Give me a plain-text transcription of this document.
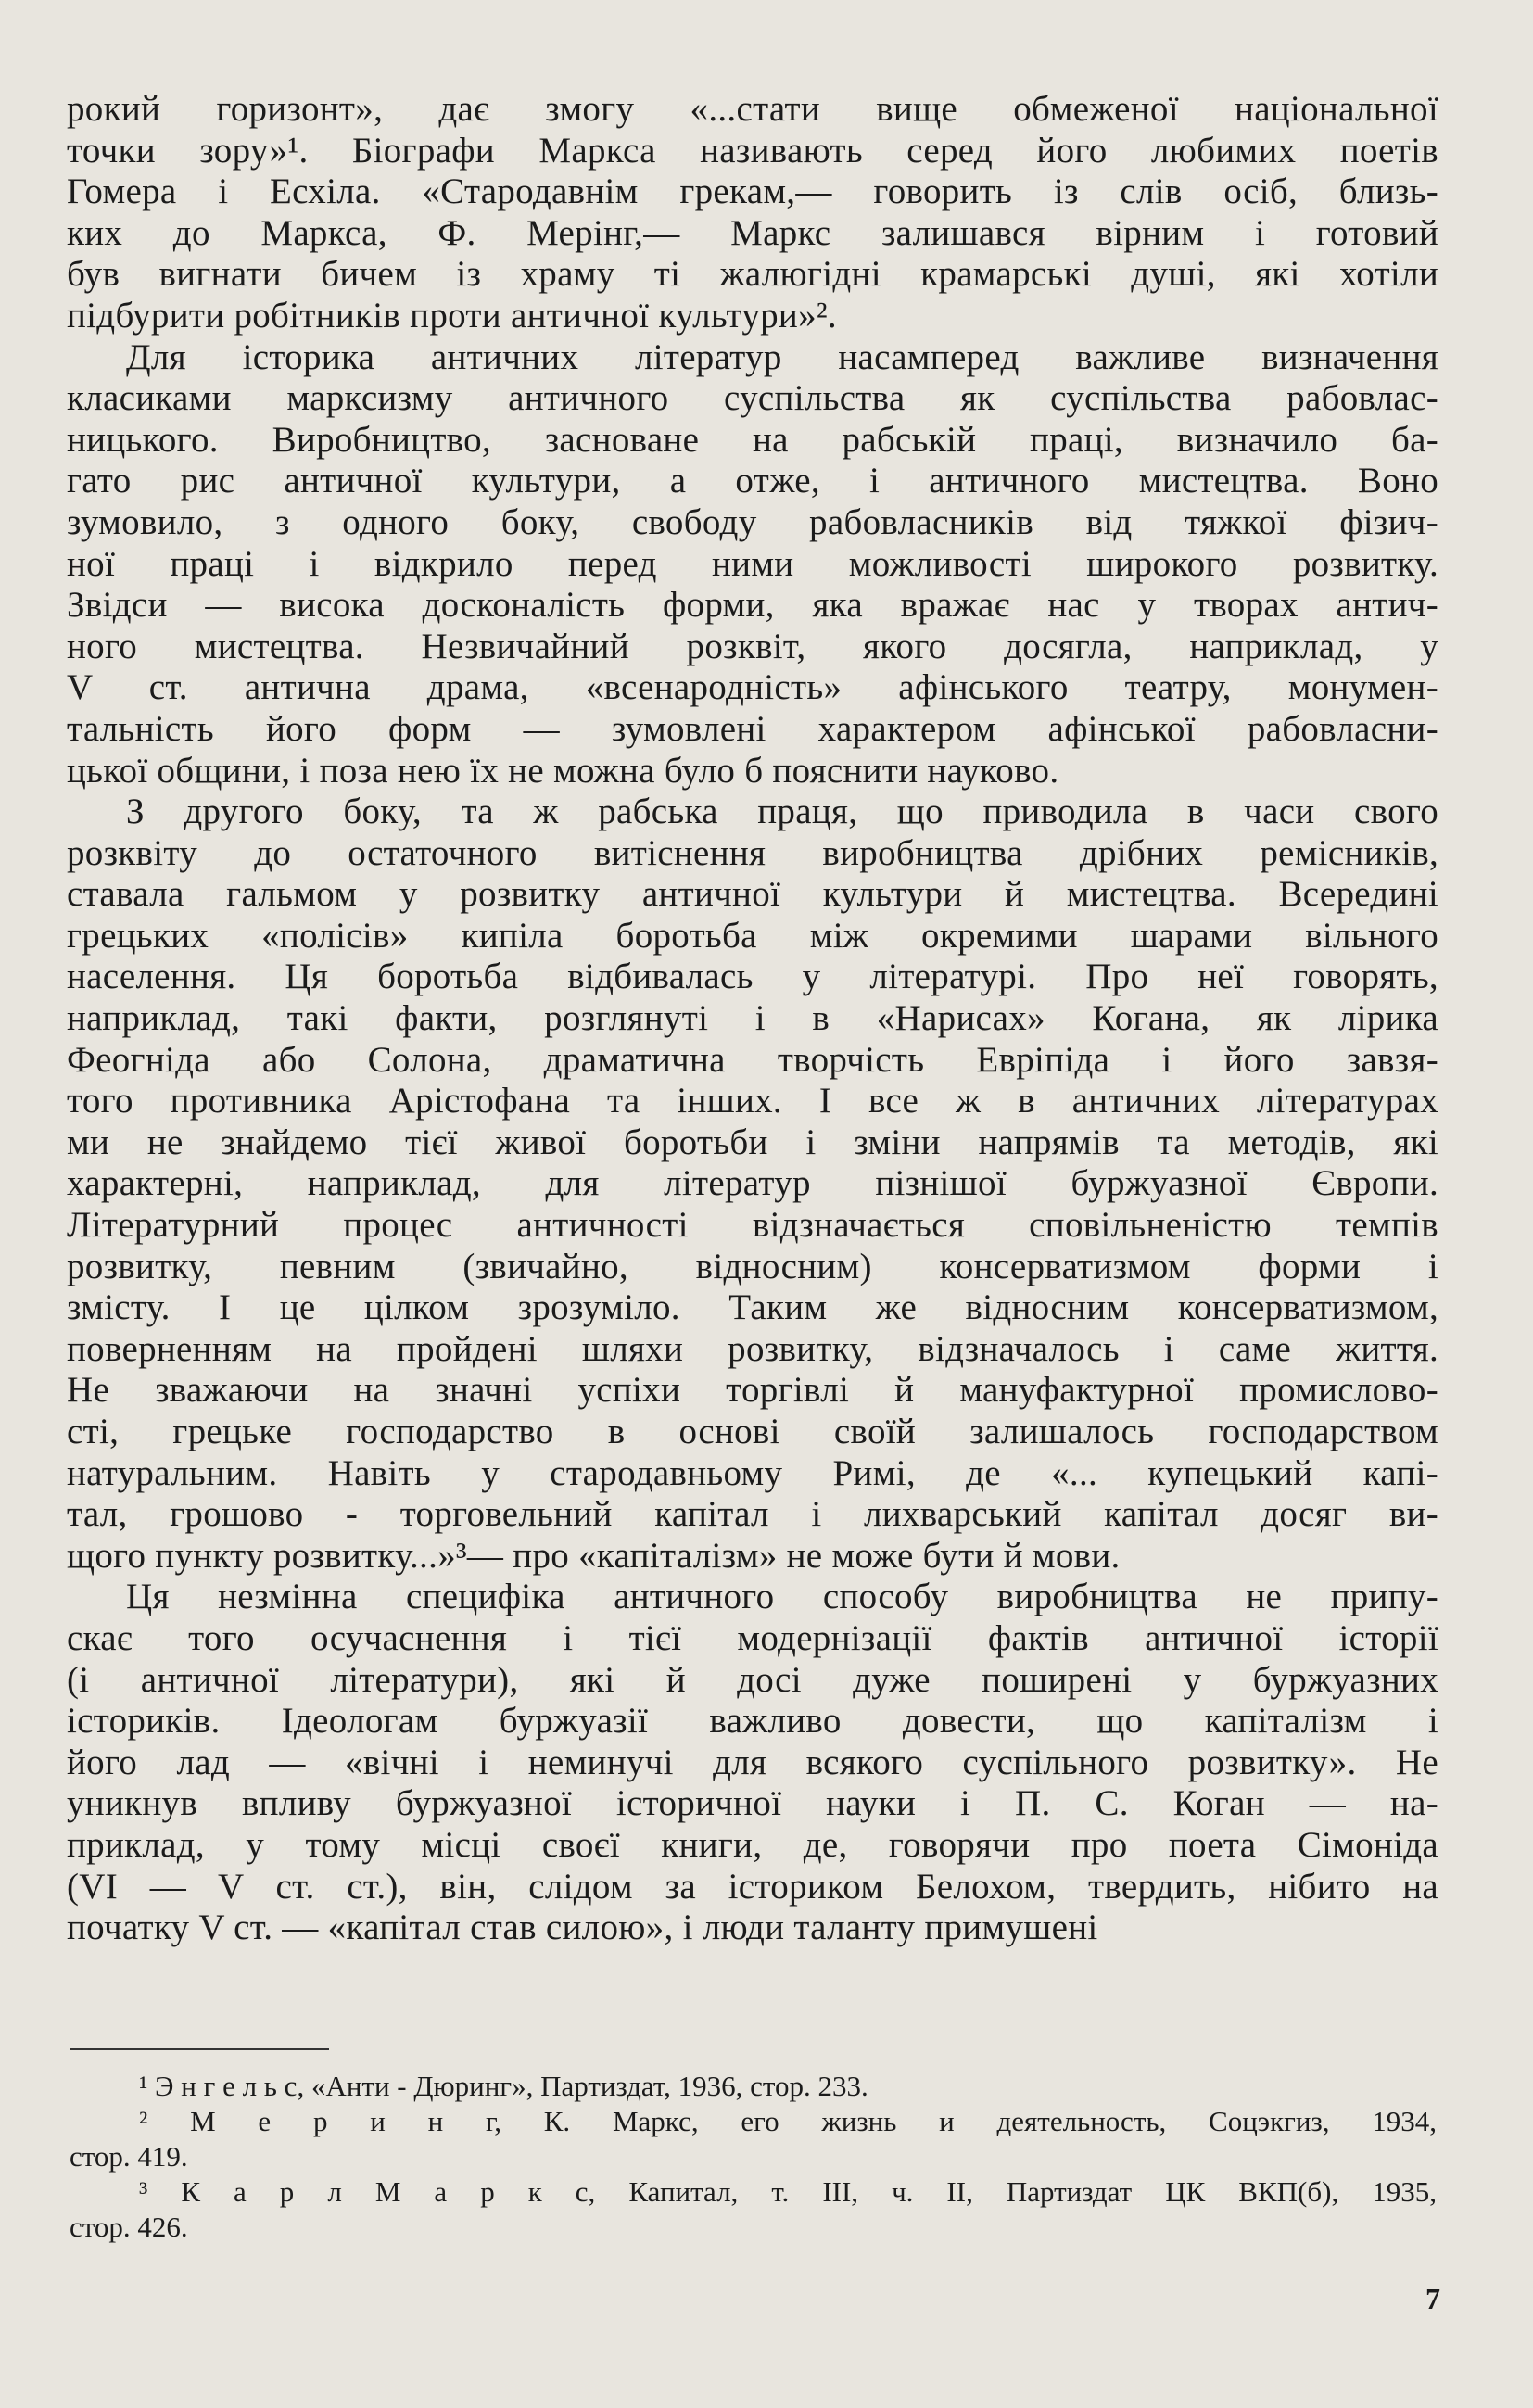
рокий горизонт», дає змогу «...стати вище обмеженої національної
точки зору»¹. Біографи Маркса називають серед його любимих поетів
Гомера і Есхіла. «Стародавнім грекам,— говорить із слів осіб, близь-
ких до Маркса, Ф. Мерінг,— Маркс залишався вірним і готовий
був вигнати бичем із храму ті жалюгідні крамарські душі, які хотіли
підбурити робітників проти античної культури»².
Для історика античних літератур насамперед важливе визначення
класиками марксизму античного суспільства як суспільства рабовлас-
ницького. Виробництво, засноване на рабській праці, визначило ба-
гато рис античної культури, а отже, і античного мистецтва. Воно
зумовило, з одного боку, свободу рабовласників від тяжкої фізич-
ної праці і відкрило перед ними можливості широкого розвитку.
Звідси — висока досконалість форми, яка вражає нас у творах антич-
ного мистецтва. Незвичайний розквіт, якого досягла, наприклад, у
V ст. антична драма, «всенародність» афінського театру, монумен-
тальність його форм — зумовлені характером афінської рабовласни-
цької общини, і поза нею їх не можна було б пояснити науково.
З другого боку, та ж рабська праця, що приводила в часи свого
розквіту до остаточного витіснення виробництва дрібних ремісників,
ставала гальмом у розвитку античної культури й мистецтва. Всередині
грецьких «полісів» кипіла боротьба між окремими шарами вільного
населення. Ця боротьба відбивалась у літературі. Про неї говорять,
наприклад, такі факти, розглянуті і в «Нарисах» Когана, як лірика
Феогніда або Солона, драматична творчість Евріпіда і його завзя-
того противника Арістофана та інших. І все ж в античних літературах
ми не знайдемо тієї живої боротьби і зміни напрямів та методів, які
характерні, наприклад, для літератур пізнішої буржуазної Європи.
Літературний процес античності відзначається сповільненістю темпів
розвитку, певним (звичайно, відносним) консерватизмом форми і
змісту. І це цілком зрозуміло. Таким же відносним консерватизмом,
поверненням на пройдені шляхи розвитку, відзначалось і саме життя.
Не зважаючи на значні успіхи торгівлі й мануфактурної промислово-
сті, грецьке господарство в основі своїй залишалось господарством
натуральним. Навіть у стародавньому Римі, де «... купецький капі-
тал, грошово - торговельний капітал і лихварський капітал досяг ви-
щого пункту розвитку...»³— про «капіталізм» не може бути й мови.
Ця незмінна специфіка античного способу виробництва не припу-
скає того осучаснення і тієї модернізації фактів античної історії
(і античної літератури), які й досі дуже поширені у буржуазних
істориків. Ідеологам буржуазії важливо довести, що капіталізм і
його лад — «вічні і неминучі для всякого суспільного розвитку». Не
уникнув впливу буржуазної історичної науки і П. С. Коган — на-
приклад, у тому місці своєї книги, де, говорячи про поета Сімоніда
(VI — V ст. ст.), він, слідом за істориком Белохом, твердить, нібито на
початку V ст. — «капітал став силою», і люди таланту примушені
¹ Э н г е л ь с, «Анти - Дюринг», Партиздат, 1936, стор. 233.
² М е р и н г, К. Маркс, его жизнь и деятельность, Соцэкгиз, 1934,
стор. 419.
³ К а р л М а р к с, Капитал, т. III, ч. II, Партиздат ЦК ВКП(б), 1935,
стор. 426.
7
